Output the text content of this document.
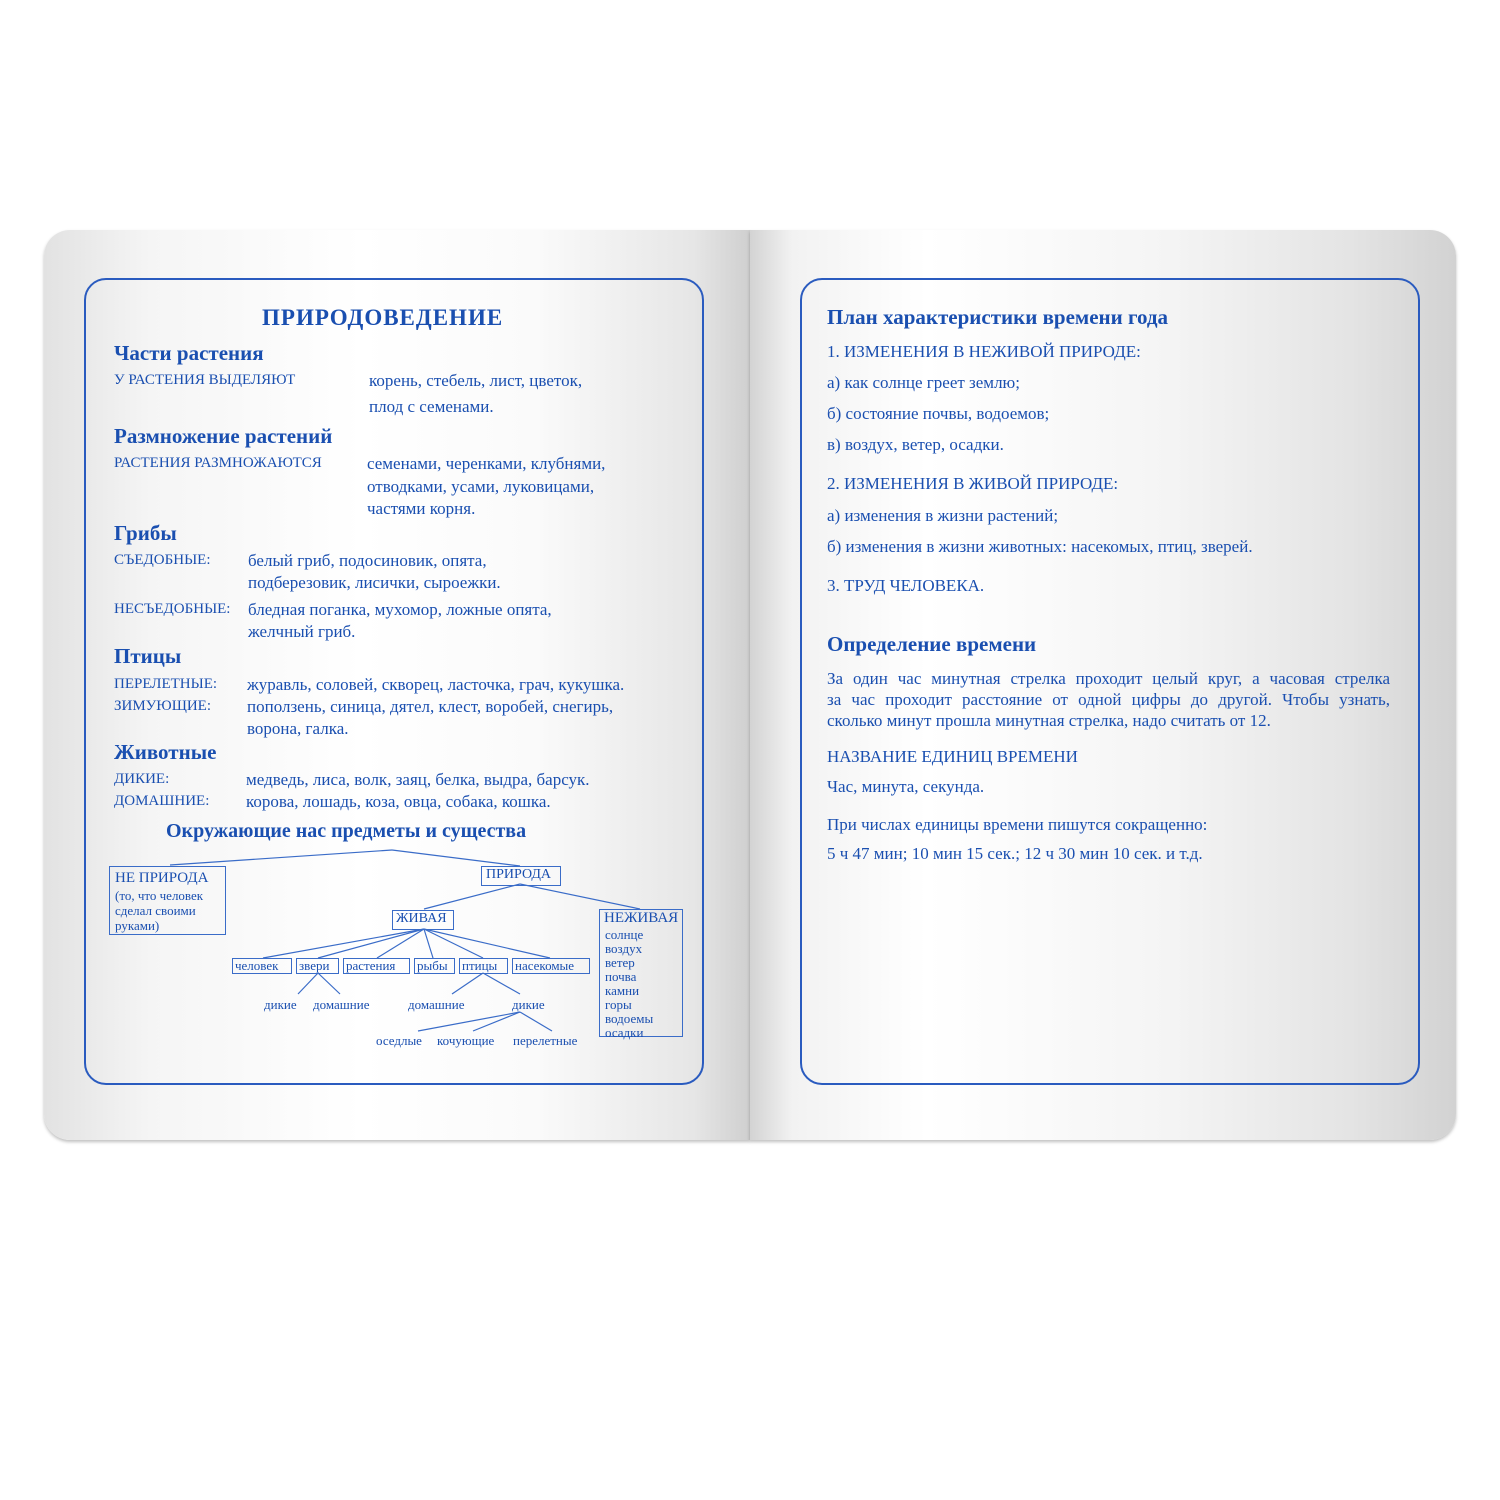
ПРИРОДОВЕДЕНИЕ
Части растения
У РАСТЕНИЯ ВЫДЕЛЯЮТ	корень, стебель, лист, цветок,
плод с семенами.
Размножение растений
РАСТЕНИЯ РАЗМНОЖАЮТСЯ	семенами, черенками, клубнями,
отводками, усами, луковицами,
частями корня.
Грибы
СЪЕДОБНЫЕ: белый гриб, подосиновик, опята,
подберезовик, лисички, сыроежки.
НЕСЪЕДОБНЫЕ: бледная поганка, мухомор, ложные опята,
желчный гриб.
Птицы
ПЕРЕЛЕТНЫЕ: журавль, соловей, скворец, ласточка, грач, кукушка.
ЗИМУЮЩИЕ: поползень, синица, дятел, клест, воробей, снегирь,
ворона, галка.
Животные
ДИКИЕ:	медведь, лиса, волк, заяц, белка, выдра, барсук.
ДОМАШНИЕ: корова, лошадь, коза, овца, собака, кошка.
Окружающие нас предметы и существа
НЕ ПРИРОДА
(то, что человек
сделал своими
руками)
ПРИРОДА
ЖИВАЯ	НЕЖИВАЯ
солнце
воздух
ветер
почва
камни
горы
водоемы
осадки
человек звери растения рыбы птицы насекомые
дикие домашние	домашние	дикие
оседлые кочующие перелетные
План характеристики времени года
1. ИЗМЕНЕНИЯ В НЕЖИВОЙ ПРИРОДЕ:
а) как солнце греет землю;
б) состояние почвы, водоемов;
в) воздух, ветер, осадки.
2. ИЗМЕНЕНИЯ В ЖИВОЙ ПРИРОДЕ:
а) изменения в жизни растений;
б) изменения в жизни животных: насекомых, птиц, зверей.
3. ТРУД ЧЕЛОВЕКА.
Определение времени
За один час минутная стрелка проходит целый круг, а часовая стрелка
за час проходит расстояние от одной цифры до другой. Чтобы узнать,
сколько минут прошла минутная стрелка, надо считать от 12.
НАЗВАНИЕ ЕДИНИЦ ВРЕМЕНИ
Час, минута, секунда.
При числах единицы времени пишутся сокращенно:
5 ч 47 мин; 10 мин 15 сек.; 12 ч 30 мин 10 сек. и т.д.
